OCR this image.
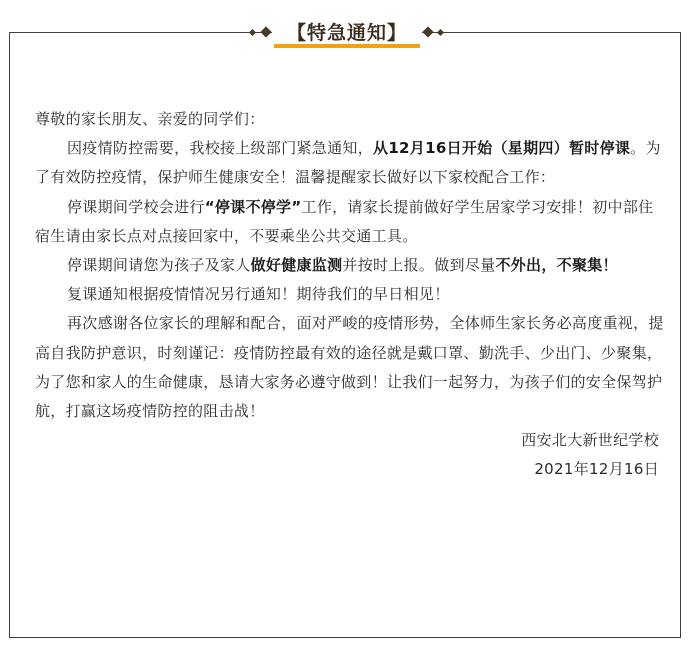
【特急通知】

尊敬的家长朋友、亲爱的同学们：

因疫情防控需要，我校接上级部门紧急通知，从12月16日开始（星期四）暂时停课。为了有效防控疫情，保护师生健康安全！温馨提醒家长做好以下家校配合工作：

停课期间学校会进行“停课不停学”工作，请家长提前做好学生居家学习安排！初中部住宿生请由家长点对点接回家中，不要乘坐公共交通工具。

停课期间请您为孩子及家人做好健康监测并按时上报。做到尽量不外出，不聚集！

复课通知根据疫情情况另行通知！期待我们的早日相见！

再次感谢各位家长的理解和配合，面对严峻的疫情形势，全体师生家长务必高度重视，提高自我防护意识，时刻谨记：疫情防控最有效的途径就是戴口罩、勤洗手、少出门、少聚集，为了您和家人的生命健康，恳请大家务必遵守做到！让我们一起努力，为孩子们的安全保驾护航，打赢这场疫情防控的阻击战！

西安北大新世纪学校

2021年12月16日
